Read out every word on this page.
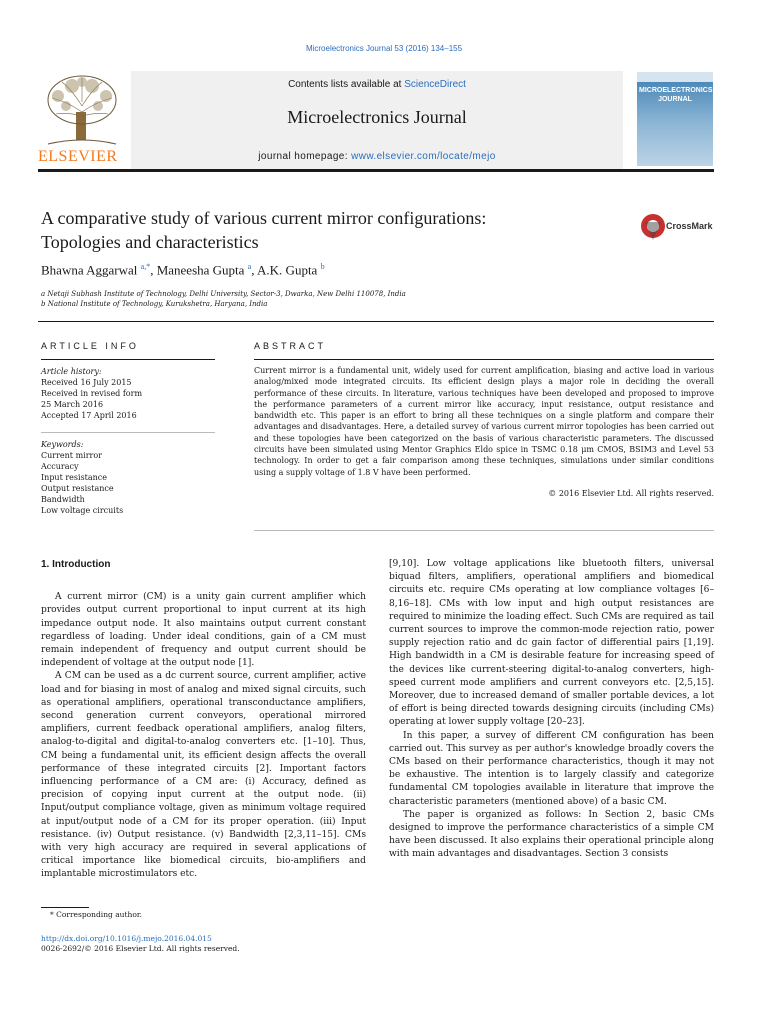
Microelectronics Journal 53 (2016) 134–155
Contents lists available at ScienceDirect
Microelectronics Journal
journal homepage: www.elsevier.com/locate/mejo
ELSEVIER
MICROELECTRONICS JOURNAL
A comparative study of various current mirror configurations:
Topologies and characteristics
CrossMark
Bhawna Aggarwal $^{a,*}$, Maneesha Gupta $^a$, A.K. Gupta $^b$
a Netaji Subhash Institute of Technology, Delhi University, Sector-3, Dwarka, New Delhi 110078, India
b National Institute of Technology, Kurukshetra, Haryana, India
ARTICLE INFO	ABSTRACT
Article history:
Received 16 July 2015
Received in revised form
25 March 2016
Accepted 17 April 2016
Keywords:
Current mirror
Accuracy
Input resistance
Output resistance
Bandwidth
Low voltage circuits
Current mirror is a fundamental unit, widely used for current amplification, biasing and active load in various analog/mixed mode integrated circuits. Its efficient design plays a major role in deciding the overall performance of these circuits. In literature, various techniques have been developed and proposed to improve the performance parameters of a current mirror like accuracy, input resistance, output resistance and bandwidth etc. This paper is an effort to bring all these techniques on a single platform and compare their advantages and disadvantages. Here, a detailed survey of various current mirror topologies has been carried out and these topologies have been categorized on the basis of various characteristic parameters. The discussed circuits have been simulated using Mentor Graphics Eldo spice in TSMC 0.18 μm CMOS, BSIM3 and Level 53 technology. In order to get a fair comparison among these techniques, simulations under similar conditions using a supply voltage of 1.8 V have been performed.
© 2016 Elsevier Ltd. All rights reserved.

1. Introduction

A current mirror (CM) is a unity gain current amplifier which provides output current proportional to input current at its high impedance output node. It also maintains output current constant regardless of loading. Under ideal conditions, gain of a CM must remain independent of frequency and output current should be independent of voltage at the output node [1].

A CM can be used as a dc current source, current amplifier, active load and for biasing in most of analog and mixed signal circuits, such as operational amplifiers, operational transconductance amplifiers, second generation current conveyors, operational mirrored amplifiers, current feedback operational amplifiers, analog filters, analog-to-digital and digital-to-analog converters etc. [1–10]. Thus, CM being a fundamental unit, its efficient design affects the overall performance of these integrated circuits [2]. Important factors influencing performance of a CM are: (i) Accuracy, defined as precision of copying input current at the output node. (ii) Input/output compliance voltage, given as minimum voltage required at input/output node of a CM for its proper operation. (iii) Input resistance. (iv) Output resistance. (v) Bandwidth [2,3,11–15]. CMs with very high accuracy are required in several applications of critical importance like biomedical circuits, bio-amplifiers and implantable microstimulators etc.

[9,10]. Low voltage applications like bluetooth filters, universal biquad filters, amplifiers, operational amplifiers and biomedical circuits etc. require CMs operating at low compliance voltages [6–8,16–18]. CMs with low input and high output resistances are required to minimize the loading effect. Such CMs are required as tail current sources to improve the common-mode rejection ratio, power supply rejection ratio and dc gain factor of differential pairs [1,19]. High bandwidth in a CM is desirable feature for increasing speed of the devices like current-steering digital-to-analog converters, high-speed current mode amplifiers and current conveyors etc. [2,5,15]. Moreover, due to increased demand of smaller portable devices, a lot of effort is being directed towards designing circuits (including CMs) operating at lower supply voltage [20–23].

In this paper, a survey of different CM configuration has been carried out. This survey as per author's knowledge broadly covers the CMs based on their performance characteristics, though it may not be exhaustive. The intention is to largely classify and categorize fundamental CM topologies available in literature that improve the characteristic parameters (mentioned above) of a basic CM.

The paper is organized as follows: In Section 2, basic CMs designed to improve the performance characteristics of a simple CM have been discussed. It also explains their operational principle along with main advantages and disadvantages. Section 3 consists

* Corresponding author.
http://dx.doi.org/10.1016/j.mejo.2016.04.015
0026-2692/© 2016 Elsevier Ltd. All rights reserved.
